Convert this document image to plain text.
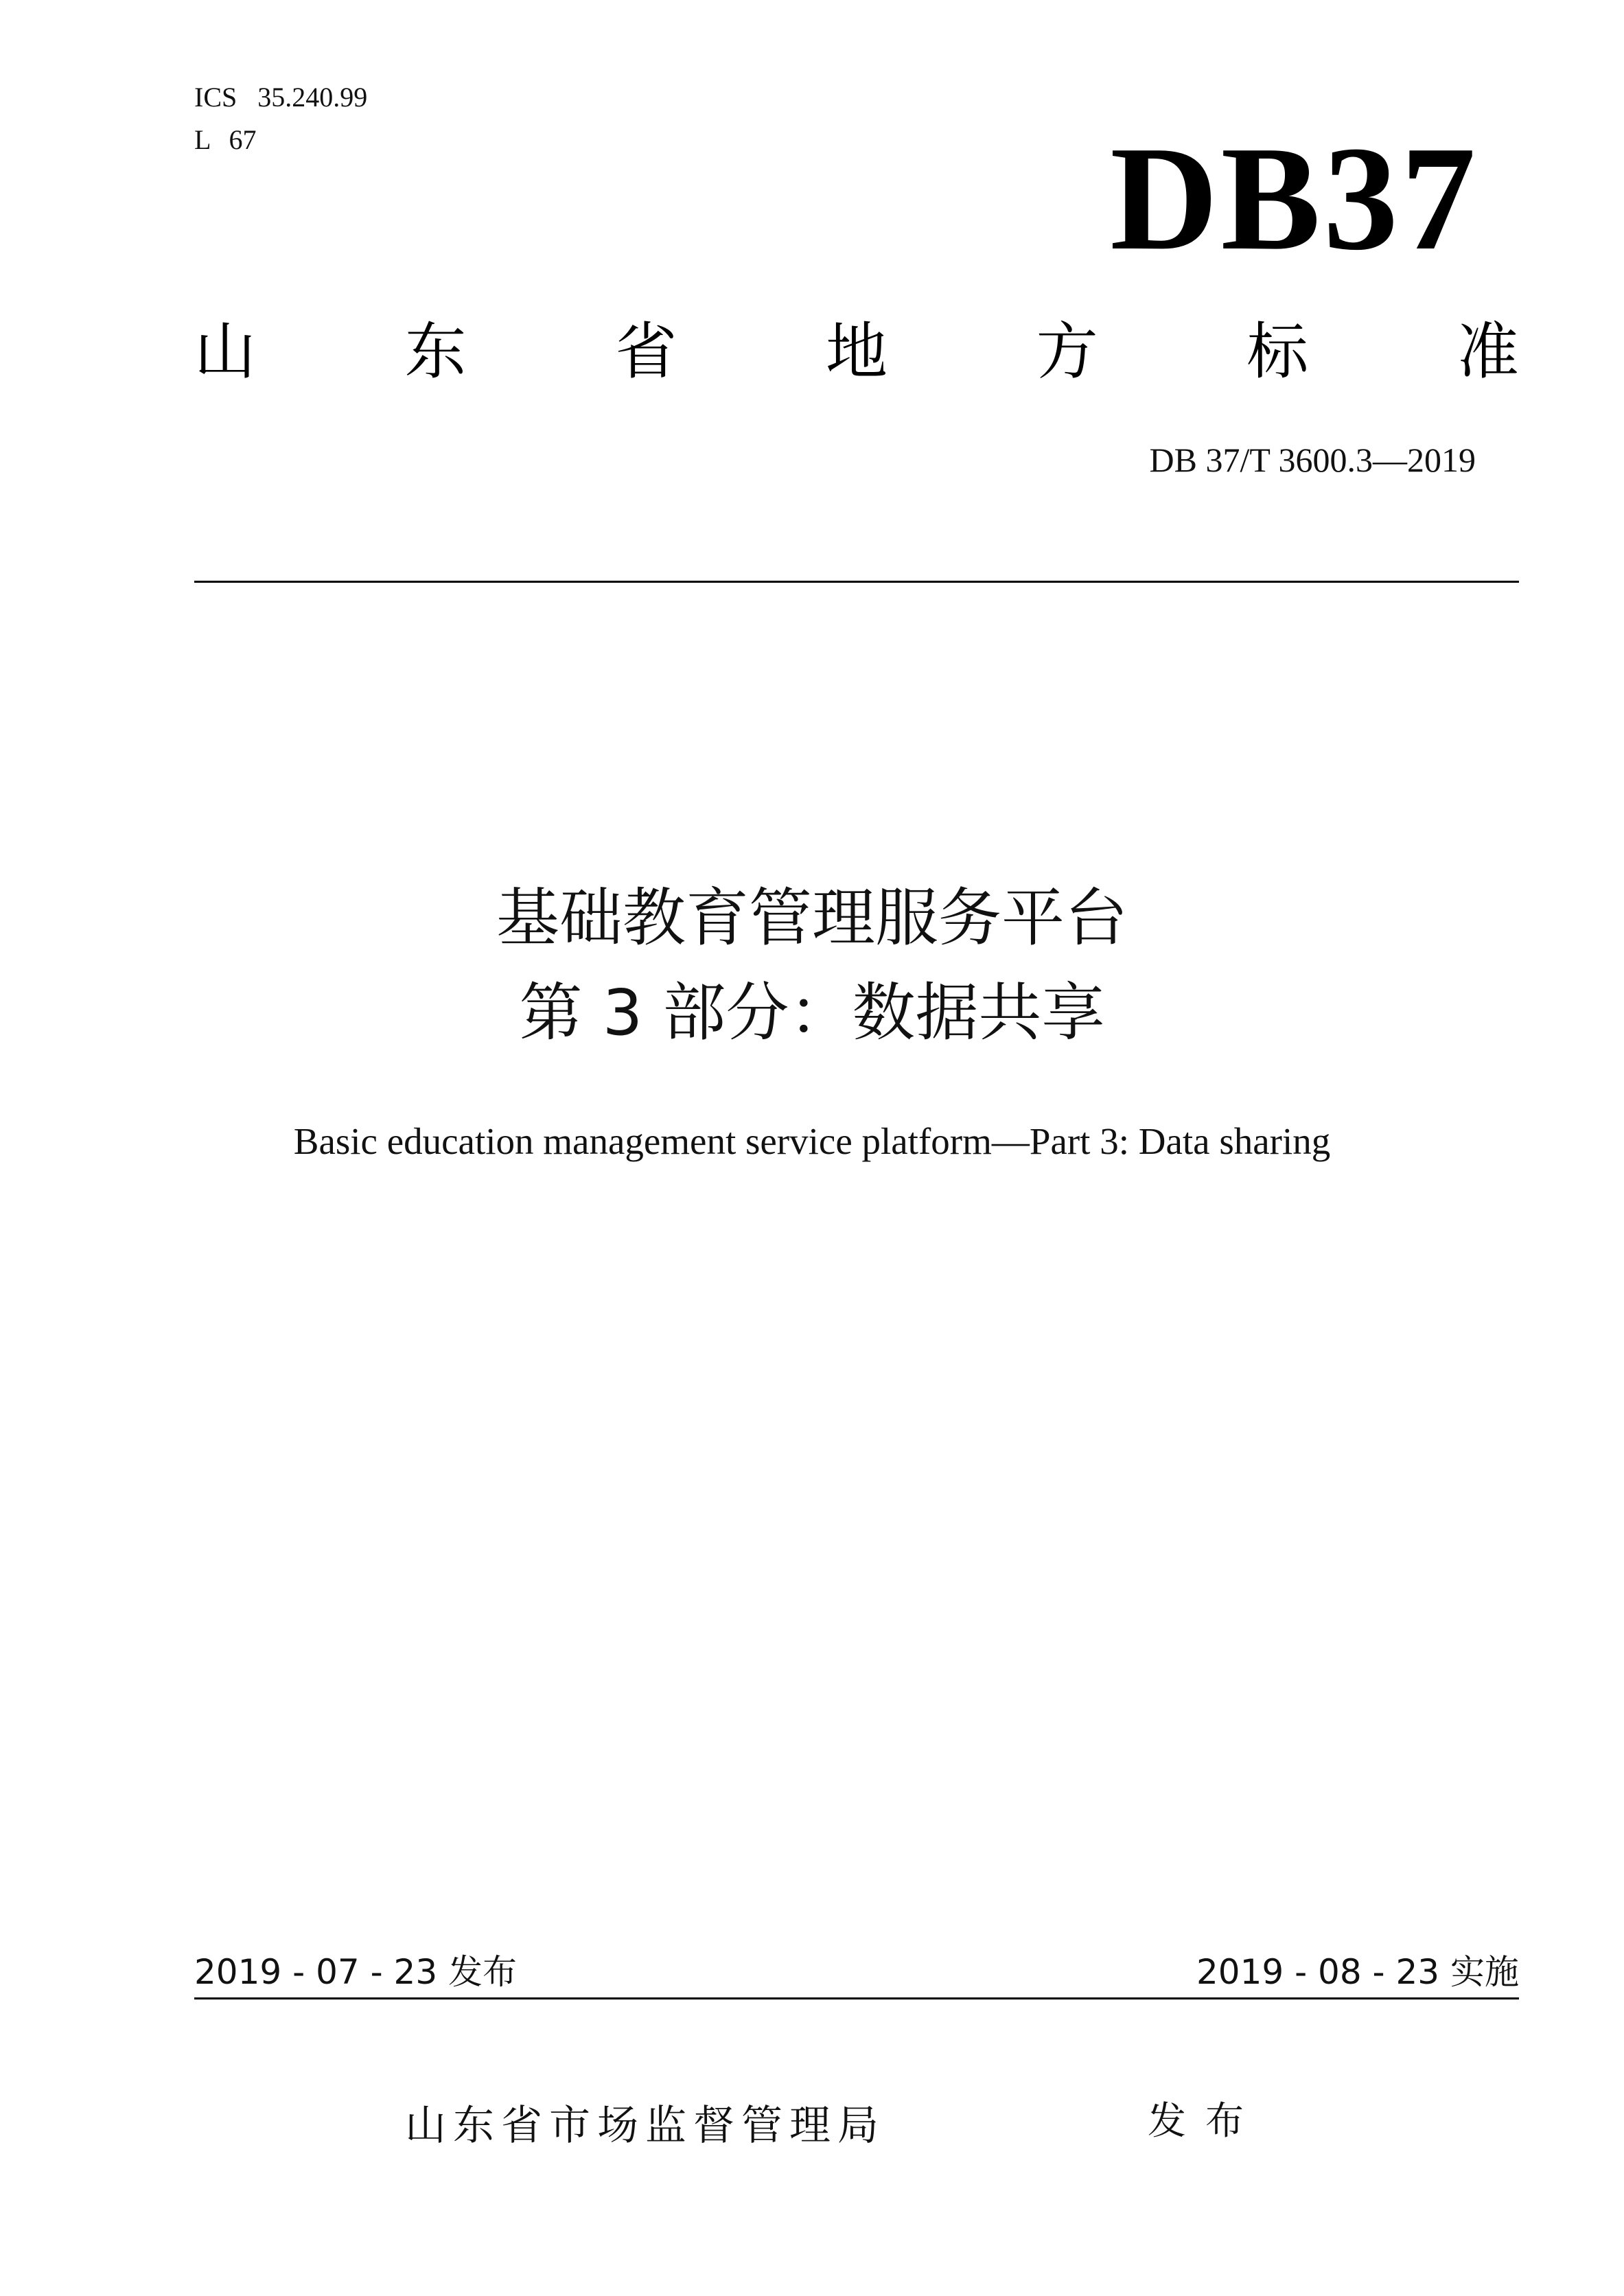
ICS 35.240.99
L 67	DB37
山 东 省 地 方 标 准
DB 37/T 3600.3—2019
基础教育管理服务平台
第 3 部分：数据共享
Basic education management service platform—Part 3: Data sharing
2019 - 07 - 23 发布	2019 - 08 - 23 实施
山东省市场监督管理局	发布
